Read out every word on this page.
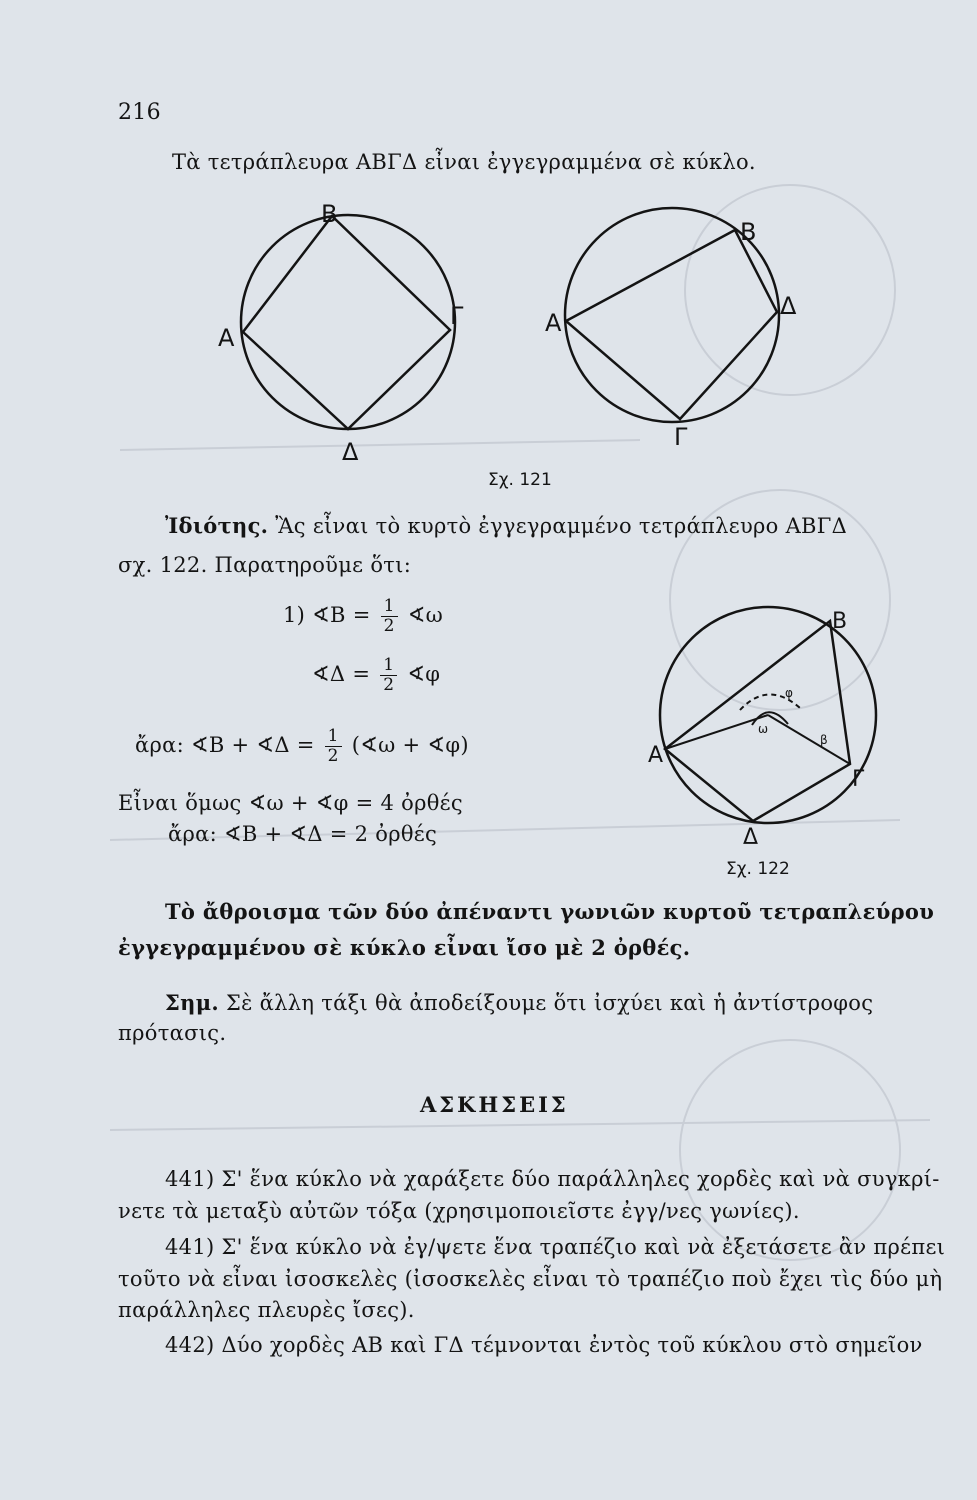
216
Τὰ τετράπλευρα ΑΒΓΔ εἶναι ἐγγεγραμμένα σὲ κύκλο.
B
A
Γ
Δ
B
A
Δ
Γ
Σχ. 121
Ἰδιότης. Ἂς εἶναι τὸ κυρτὸ ἐγγεγραμμένο τετράπλευρο ΑΒΓΔ
σχ. 122. Παρατηροῦμε ὅτι:
1) ∢Β = $\frac{1}{2}$ ∢ω
∢Δ = $\frac{1}{2}$ ∢φ
ἄρα: ∢Β + ∢Δ = $\frac{1}{2}$ (∢ω + ∢φ)
Εἶναι ὅμως ∢ω + ∢φ = 4 ὀρθές
ἄρα: ∢Β + ∢Δ = 2 ὀρθές
B
A
Γ
Δ
φ
ω
β
Σχ. 122
Τὸ ἄθροισμα τῶν δύο ἀπέναντι γωνιῶν κυρτοῦ τετραπλεύρου
ἐγγεγραμμένου σὲ κύκλο εἶναι ἴσο μὲ 2 ὀρθές.
Σημ. Σὲ ἄλλη τάξι θὰ ἀποδείξουμε ὅτι ἰσχύει καὶ ἡ ἀντίστροφος
πρότασις.
ΑΣΚΗΣΕΙΣ
441) Σ' ἕνα κύκλο νὰ χαράξετε δύο παράλληλες χορδὲς καὶ νὰ συγκρί-
νετε τὰ μεταξὺ αὐτῶν τόξα (χρησιμοποιεῖστε ἐγγ/νες γωνίες).
441) Σ' ἕνα κύκλο νὰ ἐγ/ψετε ἕνα τραπέζιο καὶ νὰ ἐξετάσετε ἂν πρέπει
τοῦτο νὰ εἶναι ἰσοσκελὲς (ἰσοσκελὲς εἶναι τὸ τραπέζιο ποὺ ἔχει τὶς δύο μὴ
παράλληλες πλευρὲς ἴσες).
442) Δύο χορδὲς ΑΒ καὶ ΓΔ τέμνονται ἐντὸς τοῦ κύκλου στὸ σημεῖον
